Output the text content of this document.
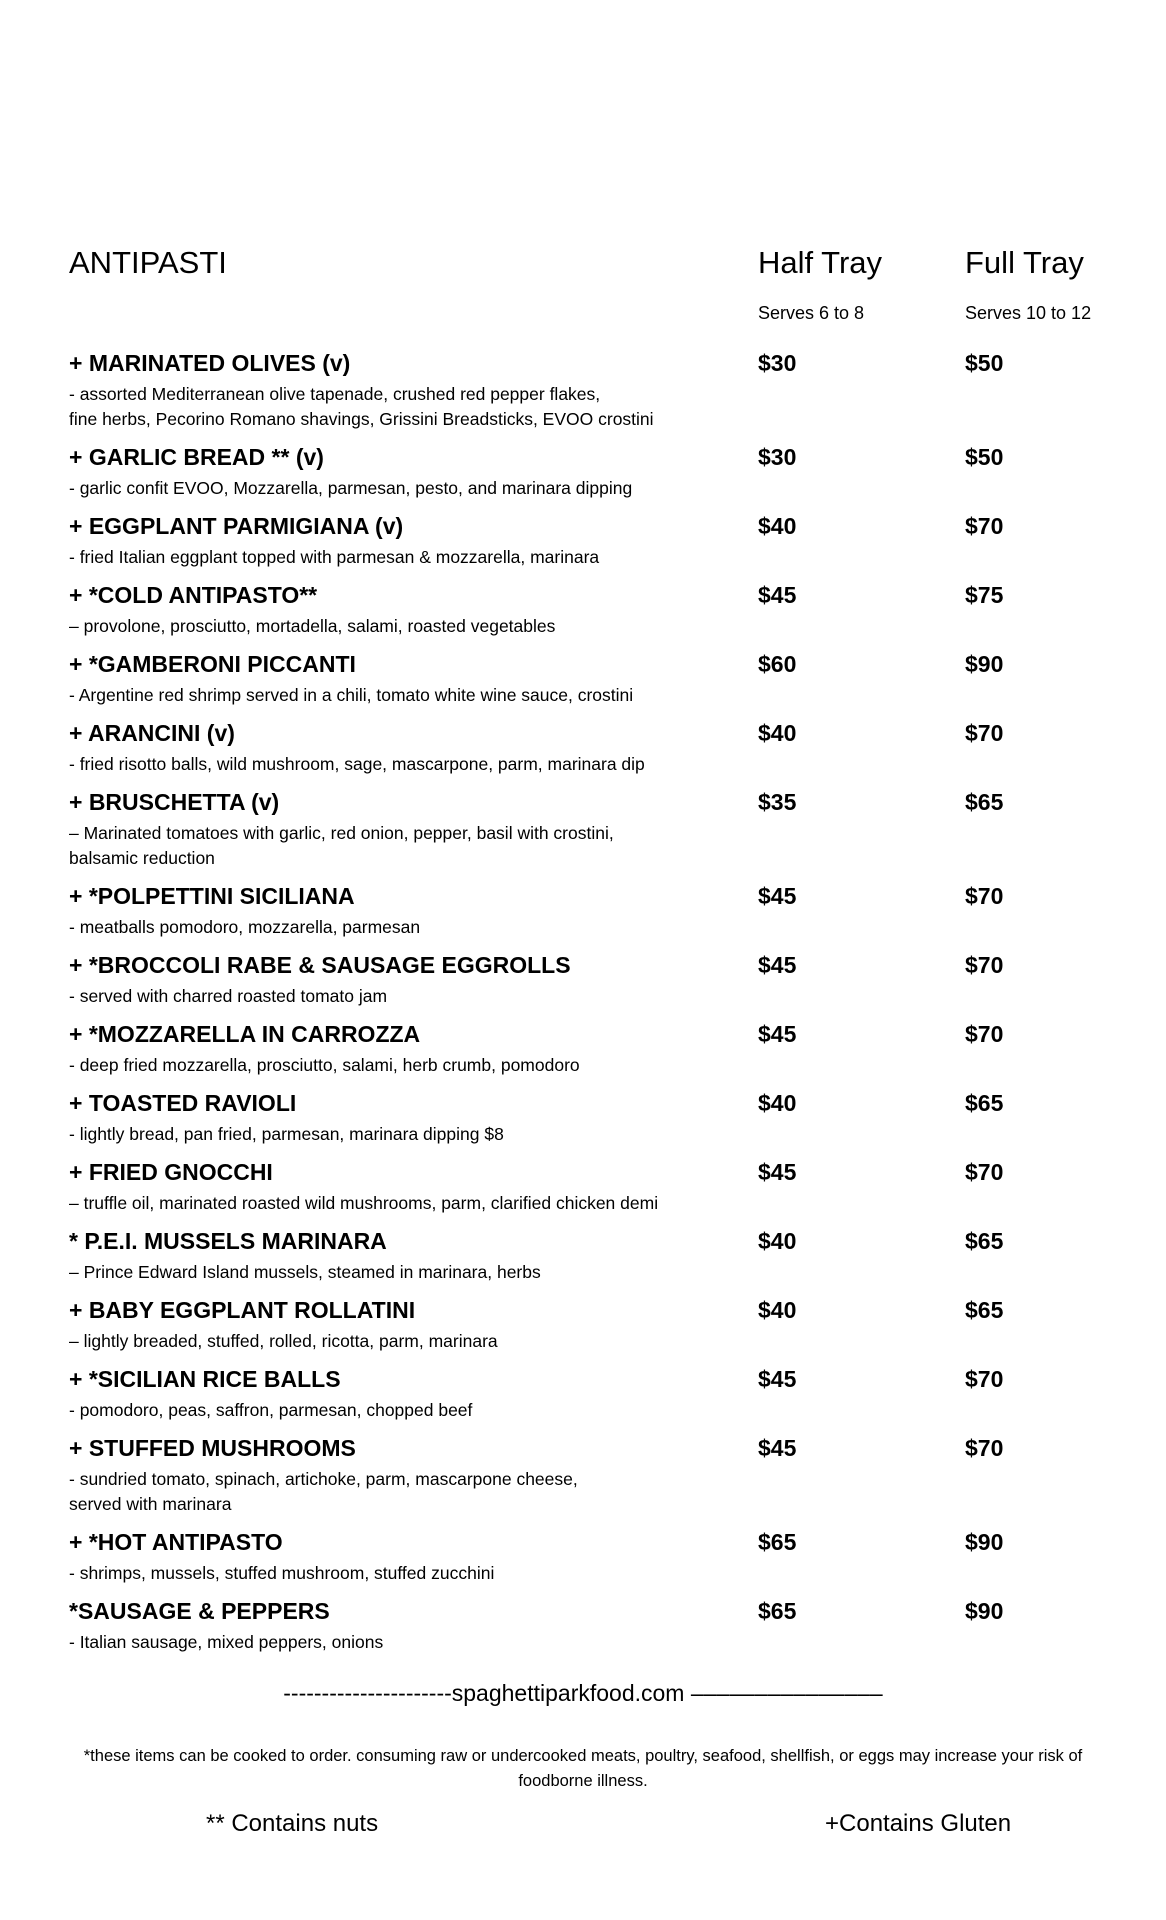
ANTIPASTI	Half Tray	Full Tray
Serves 6 to 8	Serves 10 to 12
+ MARINATED OLIVES (v)	$30	$50
- assorted Mediterranean olive tapenade, crushed red pepper flakes,
fine herbs, Pecorino Romano shavings, Grissini Breadsticks, EVOO crostini
+ GARLIC BREAD ** (v)	$30	$50
- garlic confit EVOO, Mozzarella, parmesan, pesto, and marinara dipping
+ EGGPLANT PARMIGIANA (v)	$40	$70
- fried Italian eggplant topped with parmesan & mozzarella, marinara
+ *COLD ANTIPASTO**	$45	$75
– provolone, prosciutto, mortadella, salami, roasted vegetables
+ *GAMBERONI PICCANTI	$60	$90
- Argentine red shrimp served in a chili, tomato white wine sauce, crostini
+ ARANCINI (v)	$40	$70
- fried risotto balls, wild mushroom, sage, mascarpone, parm, marinara dip
+ BRUSCHETTA (v)	$35	$65
– Marinated tomatoes with garlic, red onion, pepper, basil with crostini,
balsamic reduction
+ *POLPETTINI SICILIANA	$45	$70
- meatballs pomodoro, mozzarella, parmesan
+ *BROCCOLI RABE & SAUSAGE EGGROLLS	$45	$70
- served with charred roasted tomato jam
+ *MOZZARELLA IN CARROZZA	$45	$70
- deep fried mozzarella, prosciutto, salami, herb crumb, pomodoro
+ TOASTED RAVIOLI	$40	$65
- lightly bread, pan fried, parmesan, marinara dipping $8
+ FRIED GNOCCHI	$45	$70
– truffle oil, marinated roasted wild mushrooms, parm, clarified chicken demi
* P.E.I. MUSSELS MARINARA	$40	$65
– Prince Edward Island mussels, steamed in marinara, herbs
+ BABY EGGPLANT ROLLATINI	$40	$65
– lightly breaded, stuffed, rolled, ricotta, parm, marinara
+ *SICILIAN RICE BALLS	$45	$70
- pomodoro, peas, saffron, parmesan, chopped beef
+ STUFFED MUSHROOMS	$45	$70
- sundried tomato, spinach, artichoke, parm, mascarpone cheese,
served with marinara
+ *HOT ANTIPASTO	$65	$90
- shrimps, mussels, stuffed mushroom, stuffed zucchini
*SAUSAGE & PEPPERS	$65	$90
- Italian sausage, mixed peppers, onions
----------------------spaghettiparkfood.com –––––––––––––––
*these items can be cooked to order. consuming raw or undercooked meats, poultry, seafood, shellfish, or eggs may increase your risk of foodborne illness.
** Contains nuts	+Contains Gluten
